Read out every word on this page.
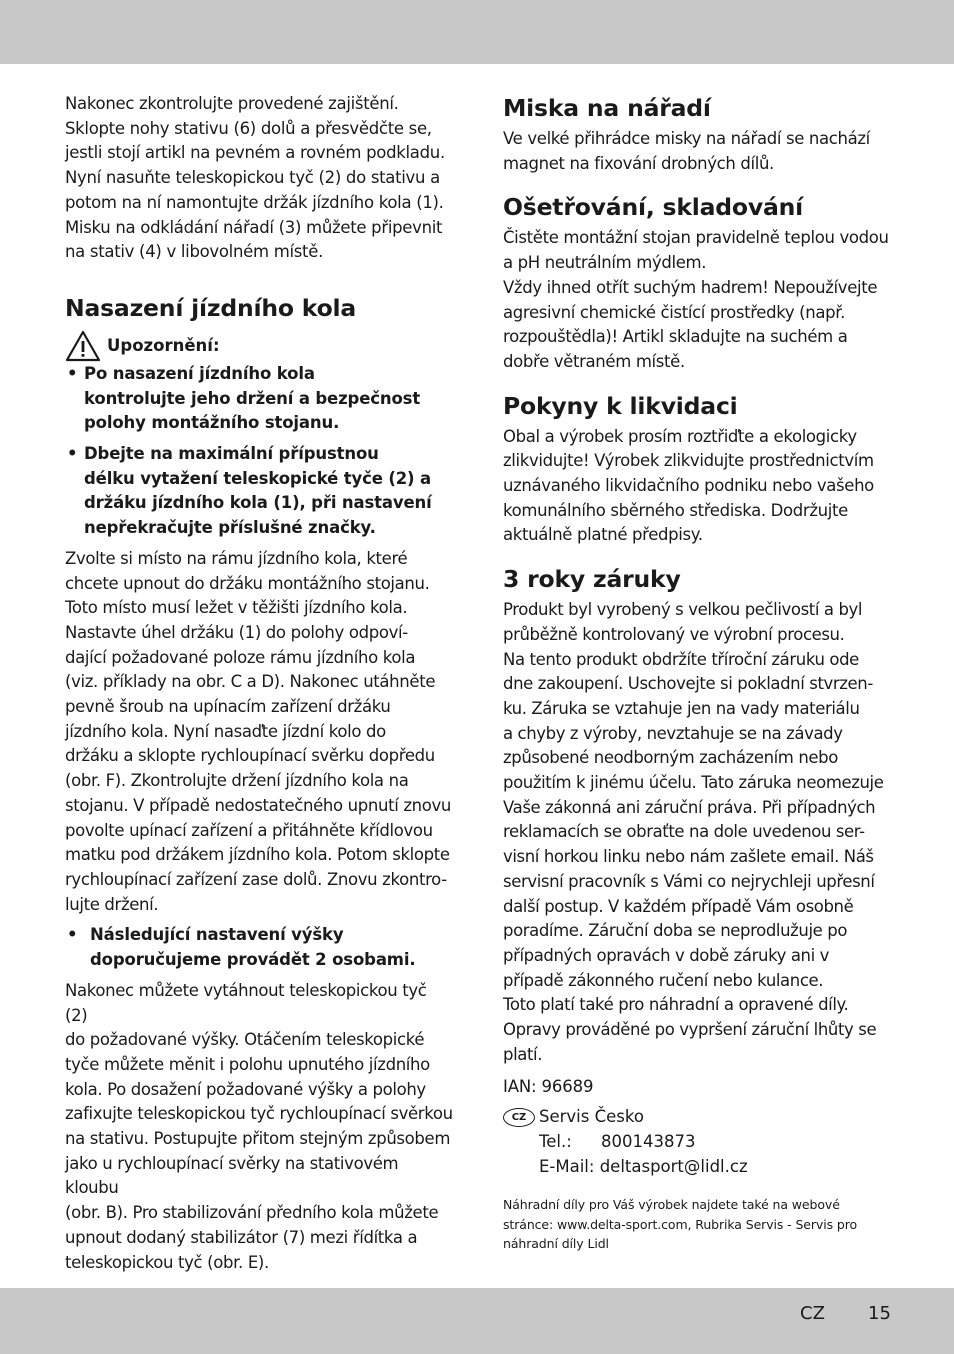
Nakonec zkontrolujte provedené zajištění.
Sklopte nohy stativu (6) dolů a přesvědčte se,
jestli stojí artikl na pevném a rovném podkladu.
Nyní nasuňte teleskopickou tyč (2) do stativu a
potom na ní namontujte držák jízdního kola (1).
Misku na odkládání nářadí (3) můžete připevnit
na stativ (4) v libovolném místě.

Nasazení jízdního kola
Upozornění:
• Po nasazení jízdního kola
kontrolujte jeho držení a bezpečnost
polohy montážního stojanu.
• Dbejte na maximální přípustnou
délku vytažení teleskopické tyče (2) a
držáku jízdního kola (1), při nastavení
nepřekračujte příslušné značky.

Zvolte si místo na rámu jízdního kola, které
chcete upnout do držáku montážního stojanu.
Toto místo musí ležet v těžišti jízdního kola.
Nastavte úhel držáku (1) do polohy odpoví-
dající požadované poloze rámu jízdního kola
(viz. příklady na obr. C a D). Nakonec utáhněte
pevně šroub na upínacím zařízení držáku
jízdního kola. Nyní nasaďte jízdní kolo do
držáku a sklopte rychloupínací svěrku dopředu
(obr. F). Zkontrolujte držení jízdního kola na
stojanu. V případě nedostatečného upnutí znovu
povolte upínací zařízení a přitáhněte křídlovou
matku pod držákem jízdního kola. Potom sklopte
rychloupínací zařízení zase dolů. Znovu zkontro-
lujte držení.

• Následující nastavení výšky
doporučujeme provádět 2 osobami.

Nakonec můžete vytáhnout teleskopickou tyč (2)
do požadované výšky. Otáčením teleskopické
tyče můžete měnit i polohu upnutého jízdního
kola. Po dosažení požadované výšky a polohy
zafixujte teleskopickou tyč rychloupínací svěrkou
na stativu. Postupujte přitom stejným způsobem
jako u rychloupínací svěrky na stativovém kloubu
(obr. B). Pro stabilizování předního kola můžete
upnout dodaný stabilizátor (7) mezi řídítka a
teleskopickou tyč (obr. E).

Miska na nářadí

Ve velké přihrádce misky na nářadí se nachází
magnet na fixování drobných dílů.

Ošetřování, skladování

Čistěte montážní stojan pravidelně teplou vodou
a pH neutrálním mýdlem.
Vždy ihned otřít suchým hadrem! Nepoužívejte
agresivní chemické čistící prostředky (např.
rozpouštědla)! Artikl skladujte na suchém a
dobře větraném místě.

Pokyny k likvidaci

Obal a výrobek prosím roztřiďte a ekologicky
zlikvidujte! Výrobek zlikvidujte prostřednictvím
uznávaného likvidačního podniku nebo vašeho
komunálního sběrného střediska. Dodržujte
aktuálně platné předpisy.

3 roky záruky

Produkt byl vyrobený s velkou pečlivostí a byl
průběžně kontrolovaný ve výrobní procesu.
Na tento produkt obdržíte tříroční záruku ode
dne zakoupení. Uschovejte si pokladní stvrzen-
ku. Záruka se vztahuje jen na vady materiálu
a chyby z výroby, nevztahuje se na závady
způsobené neodborným zacházením nebo
použitím k jinému účelu. Tato záruka neomezuje
Vaše zákonná ani záruční práva. Při případných
reklamacích se obraťte na dole uvedenou ser-
visní horkou linku nebo nám zašlete email. Náš
servisní pracovník s Vámi co nejrychleji upřesní
další postup. V každém případě Vám osobně
poradíme. Záruční doba se neprodlužuje po
případných opravách v době záruky ani v
případě zákonného ručení nebo kulance.
Toto platí také pro náhradní a opravené díly.
Opravy prováděné po vypršení záruční lhůty se
platí.

IAN: 96689

CZ Servis Česko
Tel.: 800143873
E-Mail: deltasport@lidl.cz

Náhradní díly pro Váš výrobek najdete také na webové
stránce: www.delta-sport.com, Rubrika Servis - Servis pro
náhradní díly Lidl

CZ 15
